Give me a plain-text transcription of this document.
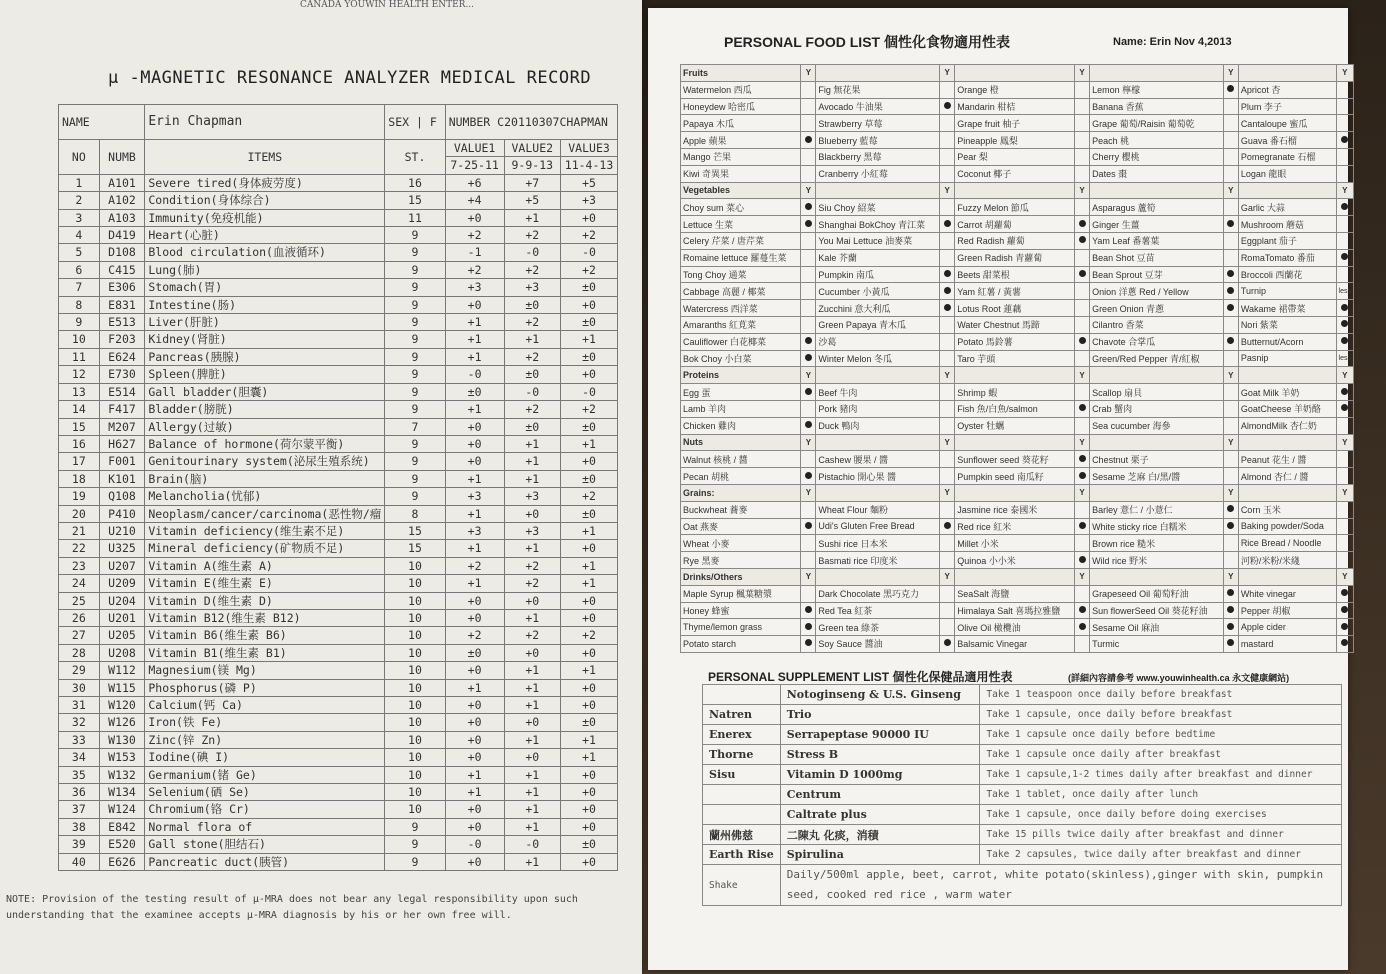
CANADA YOUWIN HEALTH ENTER...
μ -MAGNETIC RESONANCE ANALYZER MEDICAL RECORD
NAME		Erin Chapman	SEX | F	NUMBER C20110307CHAPMAN		
NO	NUMB	ITEMS	ST.	VALUE1	VALUE2	VALUE3
				7-25-11	9-9-13	11-4-13
1	A101	Severe tired(身体疲劳度)	16	+6	+7	+5
2	A102	Condition(身体综合)	15	+4	+5	+3
3	A103	Immunity(免疫机能)	11	+0	+1	+0
4	D419	Heart(心脏)	9	+2	+2	+2
5	D108	Blood circulation(血液循环)	9	-1	-0	-0
6	C415	Lung(肺)	9	+2	+2	+2
7	E306	Stomach(胃)	9	+3	+3	±0
8	E831	Intestine(肠)	9	+0	±0	+0
9	E513	Liver(肝脏)	9	+1	+2	±0
10	F203	Kidney(肾脏)	9	+1	+1	+1
11	E624	Pancreas(胰腺)	9	+1	+2	±0
12	E730	Spleen(脾脏)	9	-0	±0	+0
13	E514	Gall bladder(胆囊)	9	±0	-0	-0
14	F417	Bladder(膀胱)	9	+1	+2	+2
15	M207	Allergy(过敏)	7	+0	±0	±0
16	H627	Balance of hormone(荷尔蒙平衡)	9	+0	+1	+1
17	F001	Genitourinary system(泌尿生殖系统)	9	+0	+1	+0
18	K101	Brain(脑)	9	+1	+1	±0
19	Q108	Melancholia(忧郁)	9	+3	+3	+2
20	P410	Neoplasm/cancer/carcinoma(恶性物/瘤	8	+1	+0	±0
21	U210	Vitamin deficiency(维生素不足)	15	+3	+3	+1
22	U325	Mineral deficiency(矿物质不足)	15	+1	+1	+0
23	U207	Vitamin A(维生素 A)	10	+2	+2	+1
24	U209	Vitamin E(维生素 E)	10	+1	+2	+1
25	U204	Vitamin D(维生素 D)	10	+0	+0	+0
26	U201	Vitamin B12(维生素 B12)	10	+0	+1	+0
27	U205	Vitamin B6(维生素 B6)	10	+2	+2	+2
28	U208	Vitamin B1(维生素 B1)	10	±0	+0	+0
29	W112	Magnesium(镁 Mg)	10	+0	+1	+1
30	W115	Phosphorus(磷 P)	10	+1	+1	+0
31	W120	Calcium(钙 Ca)	10	+0	+1	+0
32	W126	Iron(铁 Fe)	10	+0	+0	±0
33	W130	Zinc(锌 Zn)	10	+0	+1	+1
34	W153	Iodine(碘 I)	10	+0	+0	+1
35	W132	Germanium(锗 Ge)	10	+1	+1	+0
36	W134	Selenium(硒 Se)	10	+1	+1	+0
37	W124	Chromium(铬 Cr)	10	+0	+1	+0
38	E842	Normal flora of	9	+0	+1	+0
39	E520	Gall stone(胆结石)	9	-0	-0	±0
40	E626	Pancreatic duct(胰管)	9	+0	+1	+0
NOTE: Provision of the testing result of μ-MRA does not bear any legal responsibility upon such understanding that the examinee accepts μ-MRA diagnosis by his or her own free will.
PERSONAL FOOD LIST 個性化食物適用性表	Name: Erin Nov 4,2013
Fruits	Y		Y		Y		Y		Y
Watermelon 西瓜		Fig 無花果		Orange 橙		Lemon 檸檬		Apricot 杏	
Honeydew 哈密瓜		Avocado 牛油果		Mandarin 柑桔		Banana 香蕉		Plum 李子	
Papaya 木瓜		Strawberry 草莓		Grape fruit 柚子		Grape 葡萄/Raisin 葡萄乾		Cantaloupe 蜜瓜	
Apple 蘋果		Blueberry 藍莓		Pineapple 鳳梨		Peach 桃		Guava 番石榴	
Mango 芒果		Blackberry 黑莓		Pear 梨		Cherry 櫻桃		Pomegranate 石榴	
Kiwi 奇異果		Cranberry 小紅莓		Coconut 椰子		Dates 棗		Logan 龍眼	
Vegetables	Y		Y		Y		Y		Y
Choy sum 菜心		Siu Choy 紹菜		Fuzzy Melon 節瓜		Asparagus 蘆筍		Garlic 大蒜	
Lettuce 生菜		Shanghai BokChoy 青江菜		Carrot 胡蘿蔔		Ginger 生薑		Mushroom 蘑菇	
Celery 芹菜 / 唐芹菜		You Mai Lettuce 油麥菜		Red Radish 蘿蔔		Yam Leaf 番薯葉		Eggplant 茄子	
Romaine lettuce 羅蔓生菜		Kale 芥蘭		Green Radish 青蘿蔔		Bean Shot 豆苗		RomaTomato 番茄	
Tong Choy 通菜		Pumpkin 南瓜		Beets 甜菜根		Bean Sprout 豆芽		Broccoli 西蘭花	
Cabbage 高麗 / 椰菜		Cucumber 小黃瓜		Yam 紅薯 / 黃薯		Onion 洋蔥 Red / Yellow		Turnip	less
Watercress 西洋菜		Zucchini 意大利瓜		Lotus Root 蓮藕		Green Onion 青蔥		Wakame 裙帶菜	
Amaranths 紅莧菜		Green Papaya 青木瓜		Water Chestnut 馬蹄		Cilantro 香菜		Nori 紫菜	
Cauliflower 白花椰菜		沙葛		Potato 馬鈴薯		Chavote 合掌瓜		Butternut/Acorn	
Bok Choy 小白菜		Winter Melon 冬瓜		Taro 芋頭		Green/Red Pepper 青/紅椒		Pasnip	less
Proteins	Y		Y		Y		Y		Y
Egg 蛋		Beef 牛肉		Shrimp 蝦		Scallop 扇貝		Goat Milk 羊奶	
Lamb 羊肉		Pork 豬肉		Fish 魚/白魚/salmon		Crab 蟹肉		GoatCheese 羊奶酪	
Chicken 雞肉		Duck 鴨肉		Oyster 牡蠣		Sea cucumber 海參		AlmondMilk 杏仁奶	
Nuts	Y		Y		Y		Y		Y
Walnut 核桃 / 醬		Cashew 腰果 / 醬		Sunflower seed 葵花籽		Chestnut 栗子		Peanut 花生 / 醬	
Pecan 胡桃		Pistachio 開心果 醬		Pumpkin seed 南瓜籽		Sesame 芝麻 白/黑/醬		Almond 杏仁 / 醬	
Grains:	Y		Y		Y		Y		Y
Buckwheat 蕎麥		Wheat Flour 麵粉		Jasmine rice 泰國米		Barley 薏仁 / 小薏仁		Corn 玉米	
Oat 燕麥		Udi's Gluten Free Bread		Red rice 紅米		White sticky rice 白糯米		Baking powder/Soda	
Wheat 小麥		Sushi rice 日本米		Millet 小米		Brown rice 糙米		Rice Bread / Noodle	
Rye 黑麥		Basmati rice 印度米		Quinoa 小小米		Wild rice 野米		河粉/米粉/米綫	
Drinks/Others	Y		Y		Y		Y		Y
Maple Syrup 楓葉糖漿		Dark Chocolate 黑巧克力		SeaSalt 海鹽		Grapeseed Oil 葡萄籽油		White vinegar	
Honey 蜂蜜		Red Tea 紅茶		Himalaya Salt 喜瑪拉雅鹽		Sun flowerSeed Oil 葵花籽油		Pepper 胡椒	
Thyme/lemon grass		Green tea 綠茶		Olive Oil 橄欖油		Sesame Oil 麻油		Apple cider	
Potato starch		Soy Sauce 醬油		Balsamic Vinegar		Turmic		mastard	
PERSONAL SUPPLEMENT LIST 個性化保健品適用性表	(詳細內容請參考 www.youwinhealth.ca 永文健康網站)
	Notoginseng & U.S. Ginseng	Take 1 teaspoon once daily before breakfast
Natren	Trio	Take 1 capsule, once daily before breakfast
Enerex	Serrapeptase 90000 IU	Take 1 capsule once daily before bedtime
Thorne	Stress B	Take 1 capsule once daily after breakfast
Sisu	Vitamin D 1000mg	Take 1 capsule,1-2 times daily after breakfast and dinner
	Centrum	Take 1 tablet, once daily after lunch
	Caltrate plus	Take 1 capsule, once daily before doing exercises
蘭州佛慈	二陳丸 化痰，消積	Take 15 pills twice daily after breakfast and dinner
Earth Rise	Spirulina	Take 2 capsules, twice daily after breakfast and dinner
Shake	Daily/500ml apple, beet, carrot, white potato(skinless),ginger with skin, pumpkin seed, cooked red rice , warm water	
